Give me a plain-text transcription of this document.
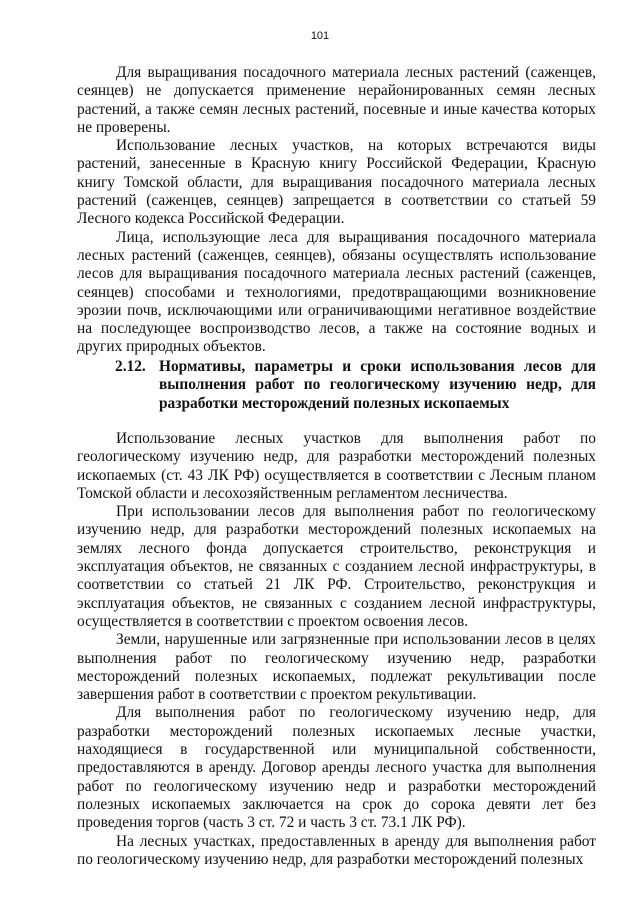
101

Для выращивания посадочного материала лесных растений (саженцев, сеянцев) не допускается применение нерайонированных семян лесных растений, а также семян лесных растений, посевные и иные качества которых не проверены.

Использование лесных участков, на которых встречаются виды растений, занесенные в Красную книгу Российской Федерации, Красную книгу Томской области, для выращивания посадочного материала лесных растений (саженцев, сеянцев) запрещается в соответствии со статьей 59 Лесного кодекса Российской Федерации.

Лица, использующие леса для выращивания посадочного материала лесных растений (саженцев, сеянцев), обязаны осуществлять использование лесов для выращивания посадочного материала лесных растений (саженцев, сеянцев) способами и технологиями, предотвращающими возникновение эрозии почв, исключающими или ограничивающими негативное воздействие на последующее воспроизводство лесов, а также на состояние водных и других природных объектов.

2.12. Нормативы, параметры и сроки использования лесов для выполнения работ по геологическому изучению недр, для разработки месторождений полезных ископаемых

Использование лесных участков для выполнения работ по геологическому изучению недр, для разработки месторождений полезных ископаемых (ст. 43 ЛК РФ) осуществляется в соответствии с Лесным планом Томской области и лесохозяйственным регламентом лесничества.

При использовании лесов для выполнения работ по геологическому изучению недр, для разработки месторождений полезных ископаемых на землях лесного фонда допускается строительство, реконструкция и эксплуатация объектов, не связанных с созданием лесной инфраструктуры, в соответствии со статьей 21 ЛК РФ. Строительство, реконструкция и эксплуатация объектов, не связанных с созданием лесной инфраструктуры, осуществляется в соответствии с проектом освоения лесов.

Земли, нарушенные или загрязненные при использовании лесов в целях выполнения работ по геологическому изучению недр, разработки месторождений полезных ископаемых, подлежат рекультивации после завершения работ в соответствии с проектом рекультивации.

Для выполнения работ по геологическому изучению недр, для разработки месторождений полезных ископаемых лесные участки, находящиеся в государственной или муниципальной собственности, предоставляются в аренду. Договор аренды лесного участка для выполнения работ по геологическому изучению недр и разработки месторождений полезных ископаемых заключается на срок до сорока девяти лет без проведения торгов (часть 3 ст. 72 и часть 3 ст. 73.1 ЛК РФ).

На лесных участках, предоставленных в аренду для выполнения работ по геологическому изучению недр, для разработки месторождений полезных
